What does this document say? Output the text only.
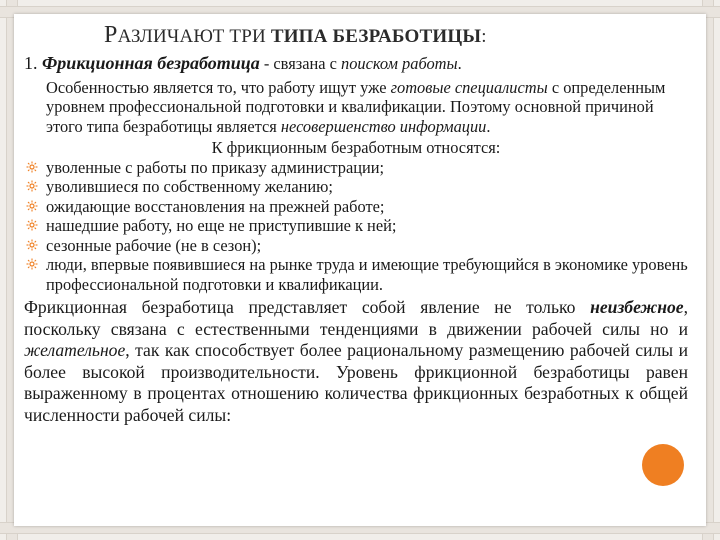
РАЗЛИЧАЮТ ТРИ ТИПА БЕЗРАБОТИЦЫ:

1. Фрикционная безработица - связана с поиском работы.

Особенностью является то, что работу ищут уже готовые специалисты с определенным уровнем профессиональной подготовки и квалификации. Поэтому основной причиной этого типа безработицы является несовершенство информации.

К фрикционным безработным относятся:

уволенные с работы по приказу администрации;
уволившиеся по собственному желанию;
ожидающие восстановления на прежней работе;
нашедшие работу, но еще не приступившие к ней;
сезонные рабочие (не в сезон);
люди, впервые появившиеся на рынке труда и имеющие требующийся в экономике уровень профессиональной подготовки и квалификации.

Фрикционная безработица представляет собой явление не только неизбежное, поскольку связана с естественными тенденциями в движении рабочей силы но и желательное, так как способствует более рациональному размещению рабочей силы и более высокой производительности. Уровень фрикционной безработицы равен выраженному в процентах отношению количества фрикционных безработных к общей численности рабочей силы:
